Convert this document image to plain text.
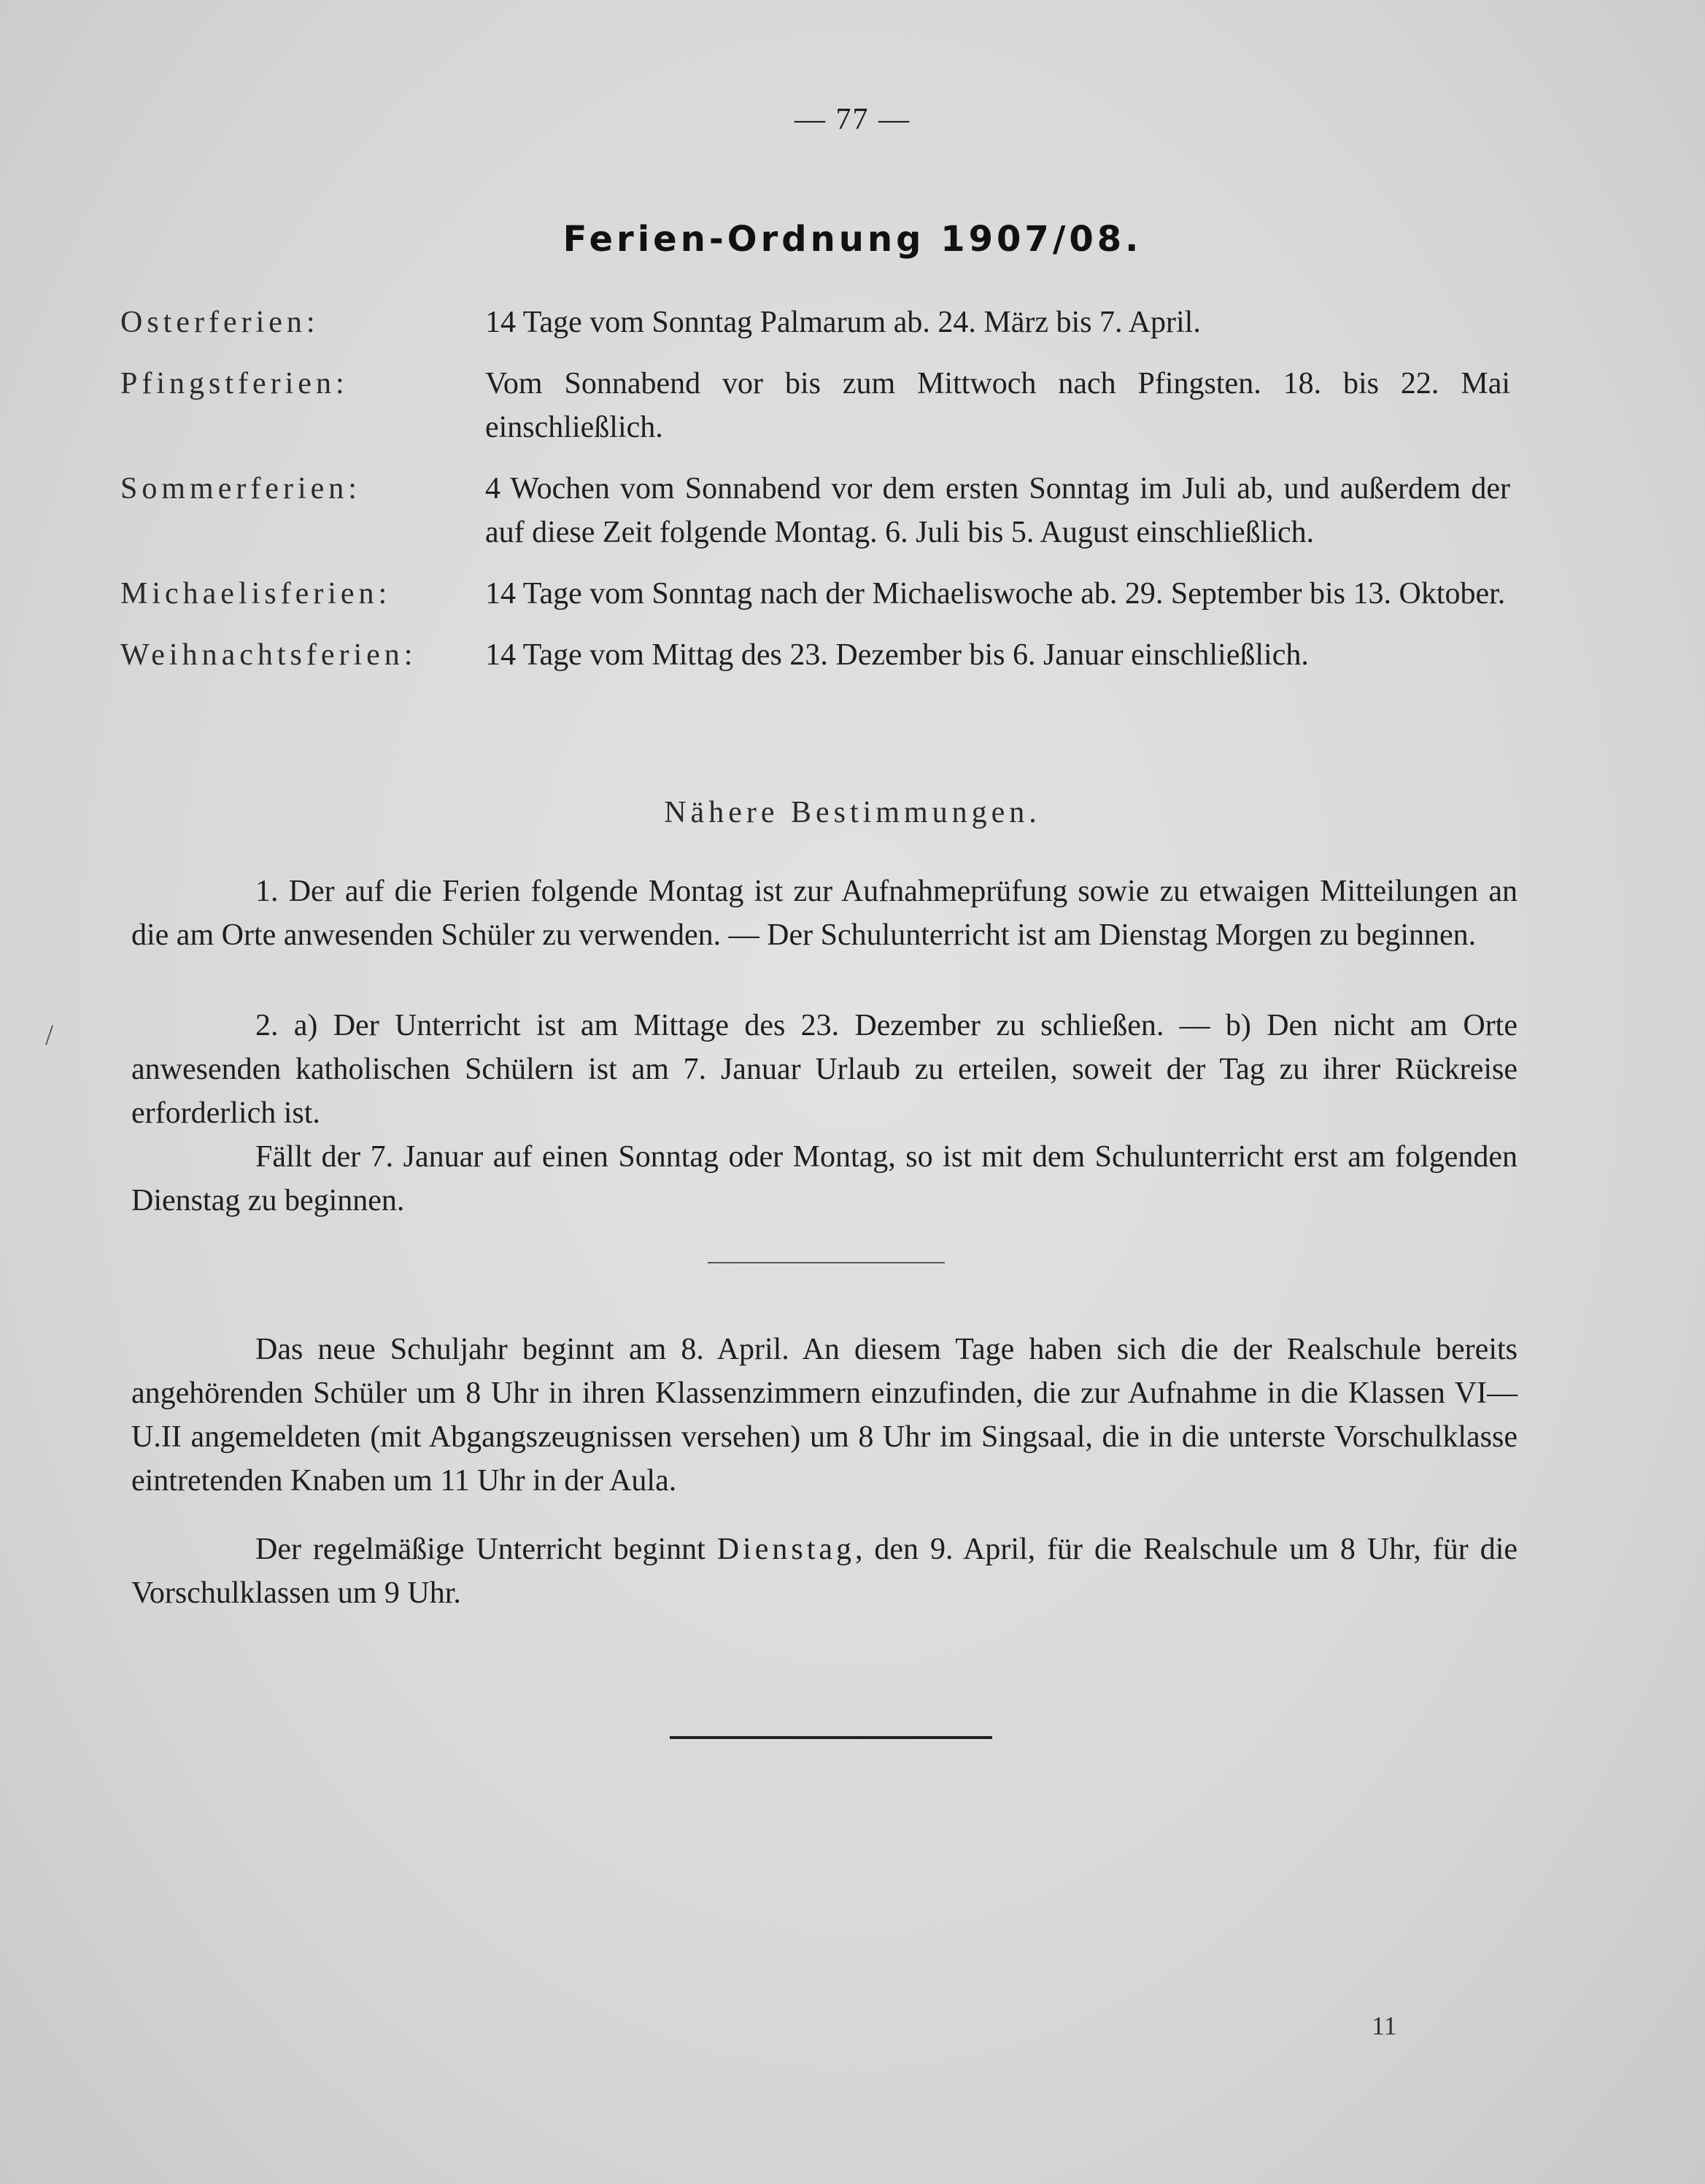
— 77 —
Ferien-Ordnung 1907/08.
Osterferien:	14 Tage vom Sonntag Palmarum ab. 24. März bis 7. April.
Pfingstferien:	Vom Sonnabend vor bis zum Mittwoch nach Pfingsten. 18. bis 22. Mai einschließlich.
Sommerferien:	4 Wochen vom Sonnabend vor dem ersten Sonntag im Juli ab, und außerdem der auf diese Zeit folgende Montag. 6. Juli bis 5. August einschließlich.
Michaelisferien:	14 Tage vom Sonntag nach der Michaeliswoche ab. 29. September bis 13. Oktober.
Weihnachtsferien:	14 Tage vom Mittag des 23. Dezember bis 6. Januar einschließlich.
Nähere Bestimmungen.

1. Der auf die Ferien folgende Montag ist zur Aufnahmeprüfung sowie zu etwaigen Mitteilungen an die am Orte anwesenden Schüler zu verwenden. — Der Schulunterricht ist am Dienstag Morgen zu beginnen.

2. a) Der Unterricht ist am Mittage des 23. Dezember zu schließen. — b) Den nicht am Orte anwesenden katholischen Schülern ist am 7. Januar Urlaub zu erteilen, soweit der Tag zu ihrer Rückreise erforderlich ist.

Fällt der 7. Januar auf einen Sonntag oder Montag, so ist mit dem Schulunterricht erst am folgenden Dienstag zu beginnen.

Das neue Schuljahr beginnt am 8. April. An diesem Tage haben sich die der Realschule bereits angehörenden Schüler um 8 Uhr in ihren Klassenzimmern einzufinden, die zur Aufnahme in die Klassen VI—U.II angemeldeten (mit Abgangszeugnissen versehen) um 8 Uhr im Singsaal, die in die unterste Vorschulklasse eintretenden Knaben um 11 Uhr in der Aula.

Der regelmäßige Unterricht beginnt Dienstag, den 9. April, für die Realschule um 8 Uhr, für die Vorschulklassen um 9 Uhr.

11
/
